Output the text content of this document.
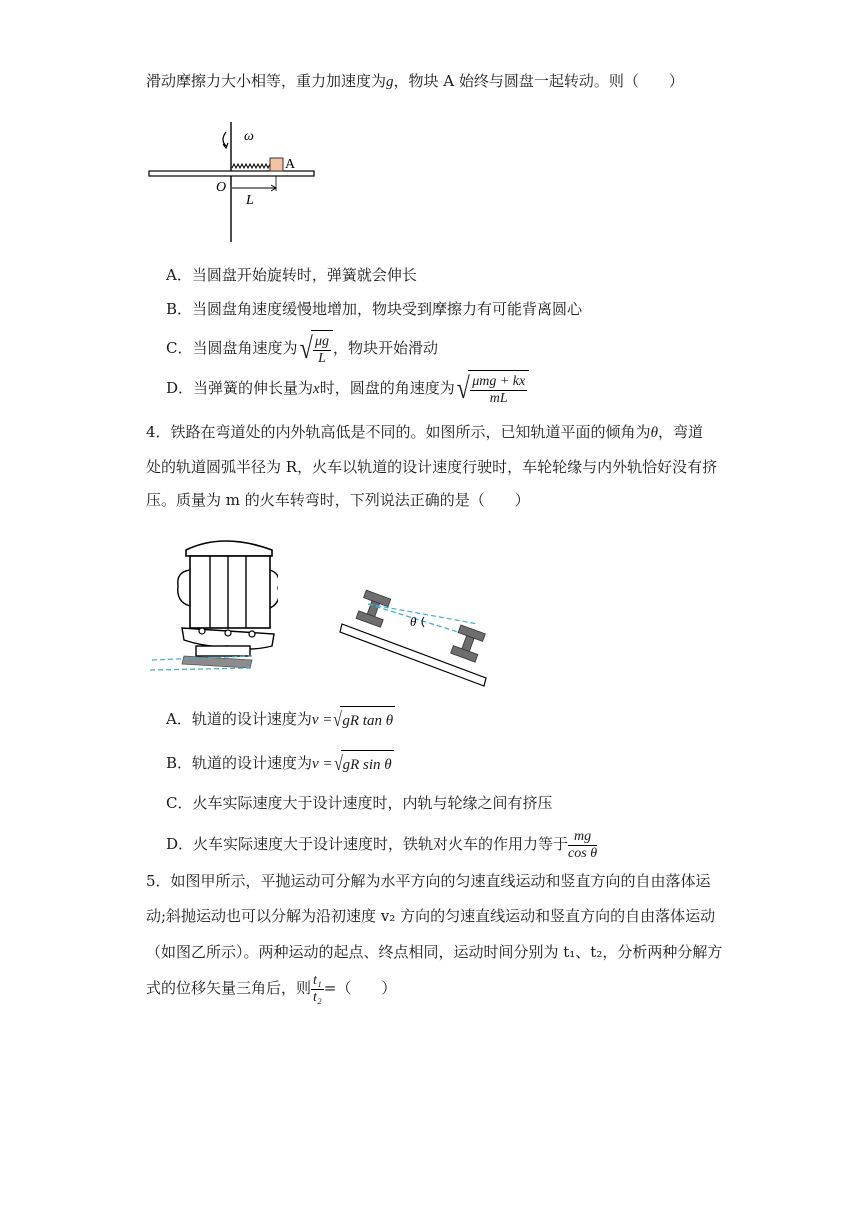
滑动摩擦力大小相等，重力加速度为g，物块 A 始终与圆盘一起转动。则（　　）
ω
A
O
L
A．当圆盘开始旋转时，弹簧就会伸长
B．当圆盘角速度缓慢地增加，物块受到摩擦力有可能背离圆心
C．当圆盘角速度为√ $\frac{\mu g}{L}$ ，物块开始滑动
D．当弹簧的伸长量为x时，圆盘的角速度为√ $\frac{\text{μmg + kx}}{mL}$
4．铁路在弯道处的内外轨高低是不同的。如图所示，已知轨道平面的倾角为θ，弯道
处的轨道圆弧半径为 R，火车以轨道的设计速度行驶时，车轮轮缘与内外轨恰好没有挤
压。质量为 m 的火车转弯时，下列说法正确的是（　　）
θ
A．轨道的设计速度为v =√gR tan θ
B．轨道的设计速度为v =√gR sin θ
C．火车实际速度大于设计速度时，内轨与轮缘之间有挤压
D．火车实际速度大于设计速度时，铁轨对火车的作用力等于 $\frac{mg}{\text{cos θ}}$
5．如图甲所示，平抛运动可分解为水平方向的匀速直线运动和竖直方向的自由落体运
动;斜抛运动也可以分解为沿初速度 v₂ 方向的匀速直线运动和竖直方向的自由落体运动
（如图乙所示）。两种运动的起点、终点相同，运动时间分别为 t₁、t₂，分析两种分解方
式的位移矢量三角后，则 $\frac{\text{t₁}}{\text{t₂}}$ =（　　）
